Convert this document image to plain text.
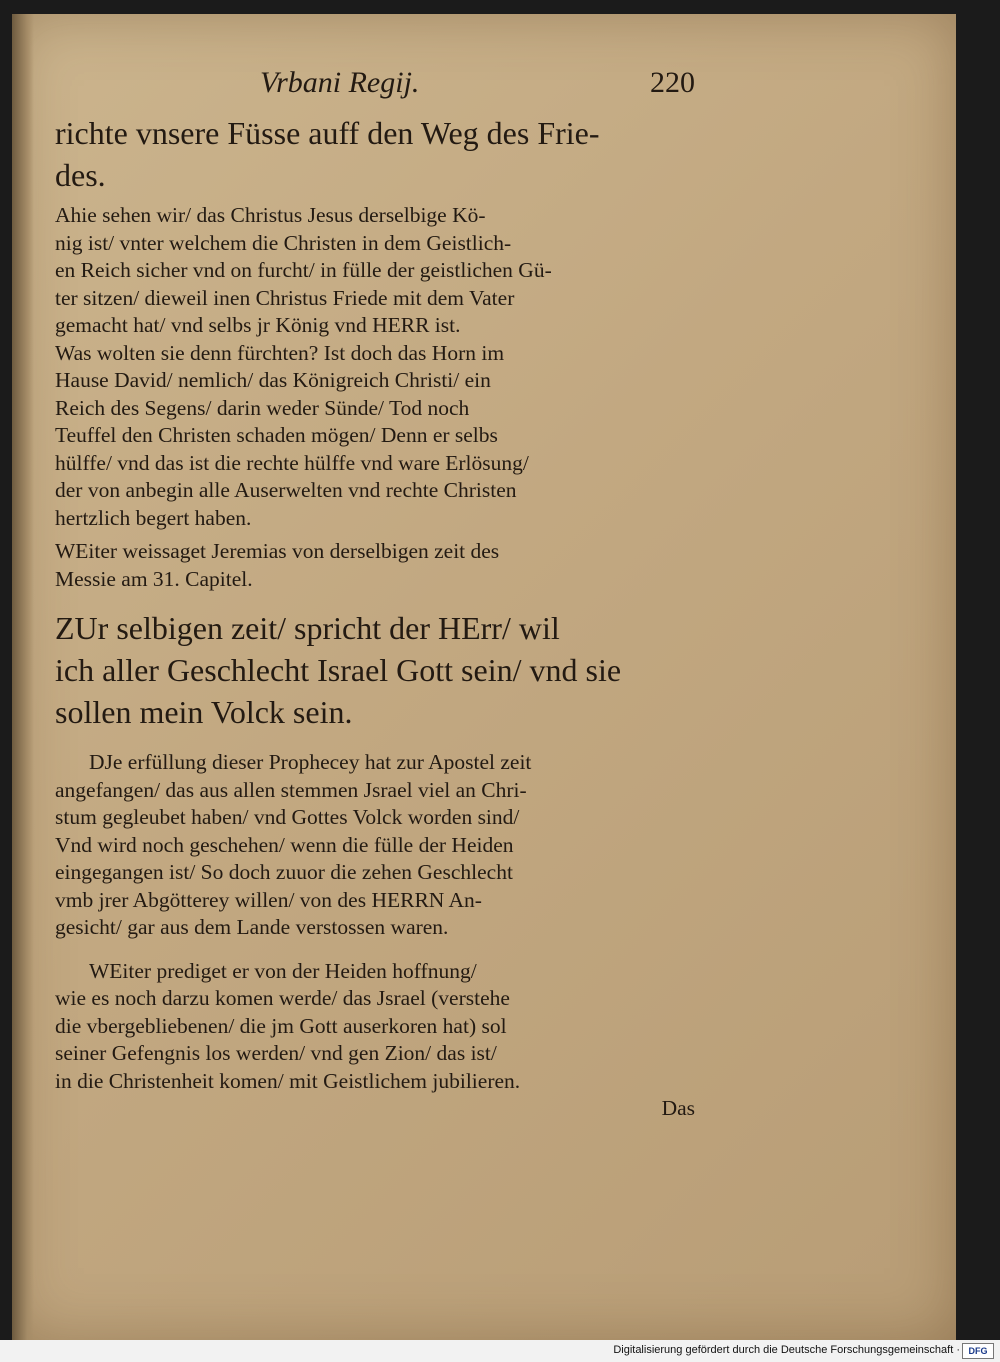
Vrbani Regij.	220
richte vnsere Füsse auff den Weg des Frie-
des.
Ahie sehen wir/ das Christus Jesus derselbige Kö-
nig ist/ vnter welchem die Christen in dem Geistlich-
en Reich sicher vnd on furcht/ in fülle der geistlichen Gü-
ter sitzen/ dieweil inen Christus Friede mit dem Vater
gemacht hat/ vnd selbs jr König vnd HERR ist.
Was wolten sie denn fürchten? Ist doch das Horn im
Hause David/ nemlich/ das Königreich Christi/ ein
Reich des Segens/ darin weder Sünde/ Tod noch
Teuffel den Christen schaden mögen/ Denn er selbs
hülffe/ vnd das ist die rechte hülffe vnd ware Erlösung/
der von anbegin alle Auserwelten vnd rechte Christen
hertzlich begert haben.
WEiter weissaget Jeremias von derselbigen zeit des
Messie am 31. Capitel.
ZUr selbigen zeit/ spricht der HErr/ wil
ich aller Geschlecht Israel Gott sein/ vnd sie
sollen mein Volck sein.
DJe erfüllung dieser Prophecey hat zur Apostel zeit
angefangen/ das aus allen stemmen Jsrael viel an Chri-
stum gegleubet haben/ vnd Gottes Volck worden sind/
Vnd wird noch geschehen/ wenn die fülle der Heiden
eingegangen ist/ So doch zuuor die zehen Geschlecht
vmb jrer Abgötterey willen/ von des HERRN An-
gesicht/ gar aus dem Lande verstossen waren.
WEiter prediget er von der Heiden hoffnung/
wie es noch darzu komen werde/ das Jsrael (verstehe
die vbergebliebenen/ die jm Gott auserkoren hat) sol
seiner Gefengnis los werden/ vnd gen Zion/ das ist/
in die Christenheit komen/ mit Geistlichem jubilieren.
Das
Digitalisierung gefördert durch die Deutsche Forschungsgemeinschaft · DFG
